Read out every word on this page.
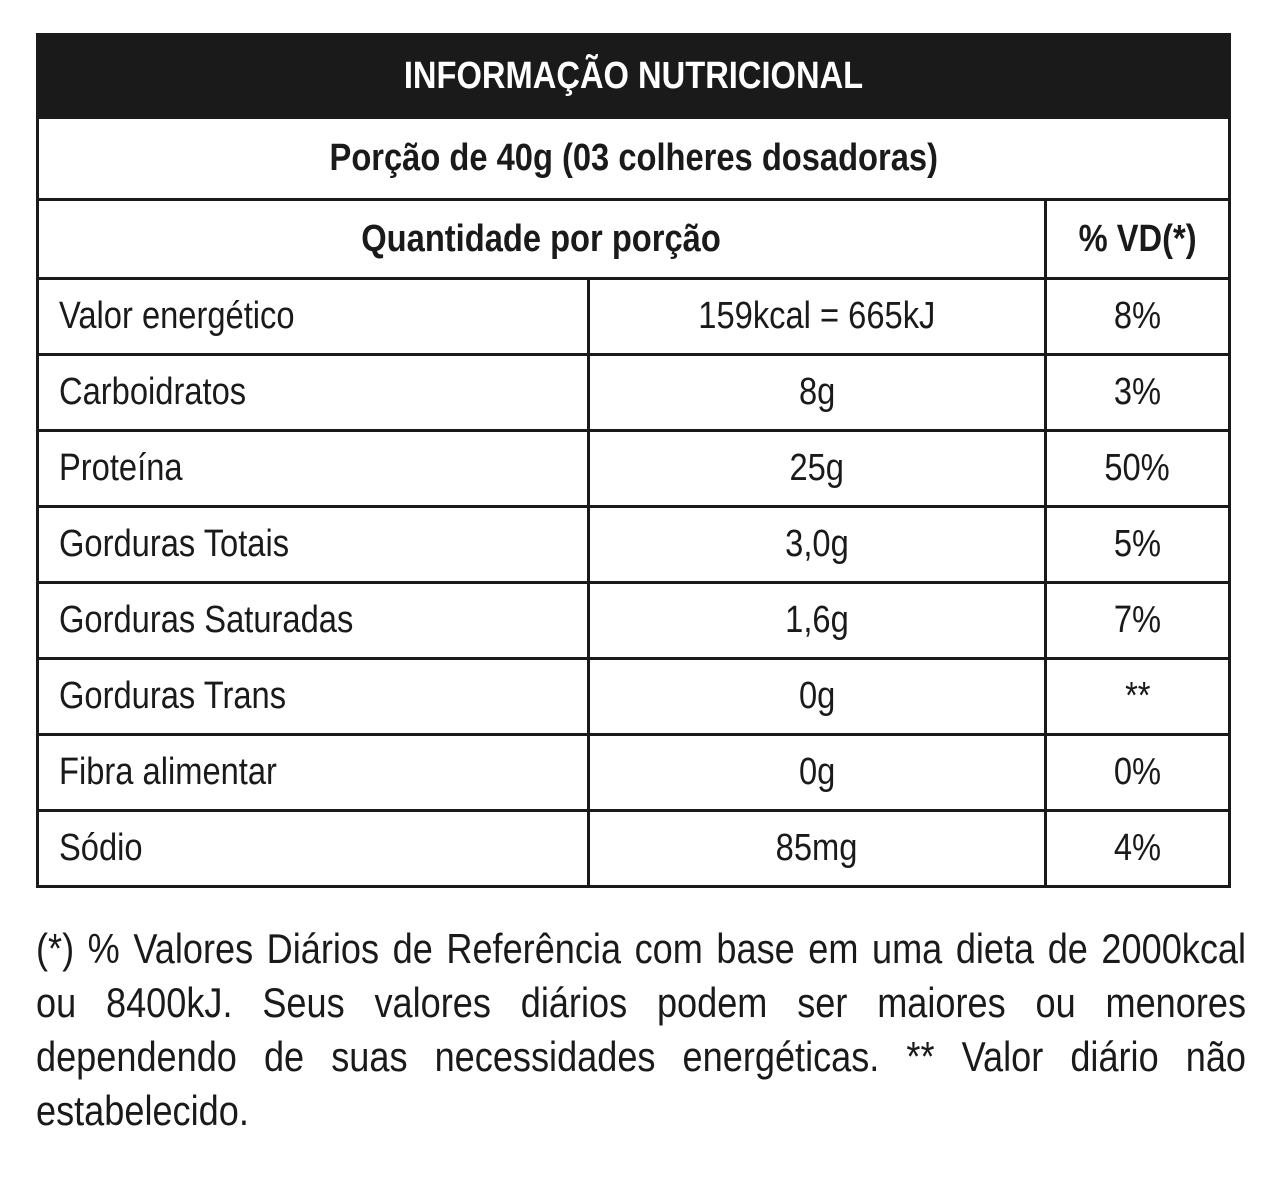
INFORMAÇÃO NUTRICIONAL
Porção de 40g (03 colheres dosadoras)
Quantidade por porção	% VD(*)
Valor energético	159kcal = 665kJ	8%
Carboidratos	8g	3%
Proteína	25g	50%
Gorduras Totais	3,0g	5%
Gorduras Saturadas	1,6g	7%
Gorduras Trans	0g	**
Fibra alimentar	0g	0%
Sódio	85mg	4%
(*) % Valores Diários de Referência com base em uma dieta de 2000kcal ou 8400kJ. Seus valores diários podem ser maiores ou menores dependendo de suas necessidades energéticas. ** Valor diário não estabelecido.
